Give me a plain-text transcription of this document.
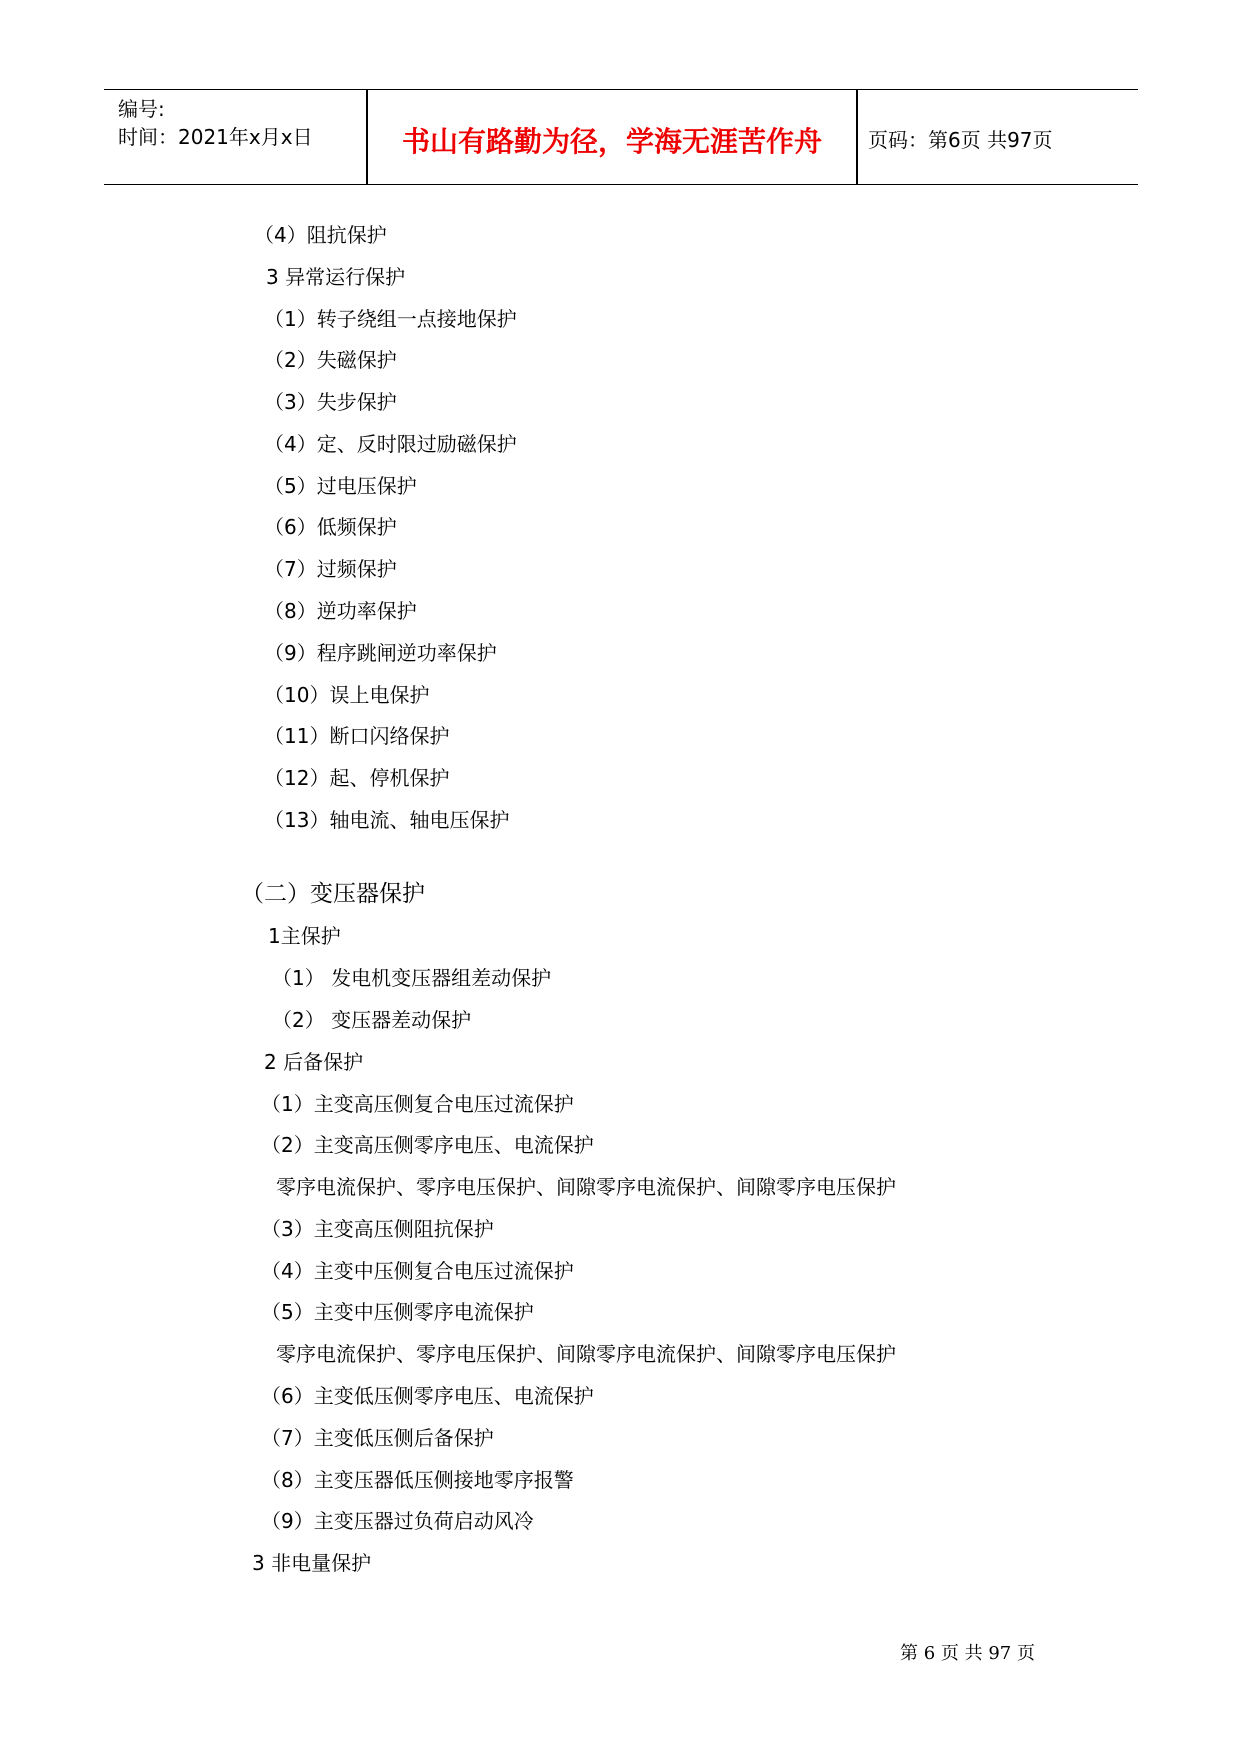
编号:
时间：2021年x月x日	书山有路勤为径，学海无涯苦作舟	页码：第6页 共97页
（4）阻抗保护
3 异常运行保护
（1）转子绕组一点接地保护
（2）失磁保护
（3）失步保护
（4）定、反时限过励磁保护
（5）过电压保护
（6）低频保护
（7）过频保护
（8）逆功率保护
（9）程序跳闸逆功率保护
（10）误上电保护
（11）断口闪络保护
（12）起、停机保护
（13）轴电流、轴电压保护
（二）变压器保护
1主保护
（1） 发电机变压器组差动保护
（2） 变压器差动保护
2 后备保护
（1）主变高压侧复合电压过流保护
（2）主变高压侧零序电压、电流保护
零序电流保护、零序电压保护、间隙零序电流保护、间隙零序电压保护
（3）主变高压侧阻抗保护
（4）主变中压侧复合电压过流保护
（5）主变中压侧零序电流保护
零序电流保护、零序电压保护、间隙零序电流保护、间隙零序电压保护
（6）主变低压侧零序电压、电流保护
（7）主变低压侧后备保护
（8）主变压器低压侧接地零序报警
（9）主变压器过负荷启动风冷
3 非电量保护
第 6 页 共 97 页
